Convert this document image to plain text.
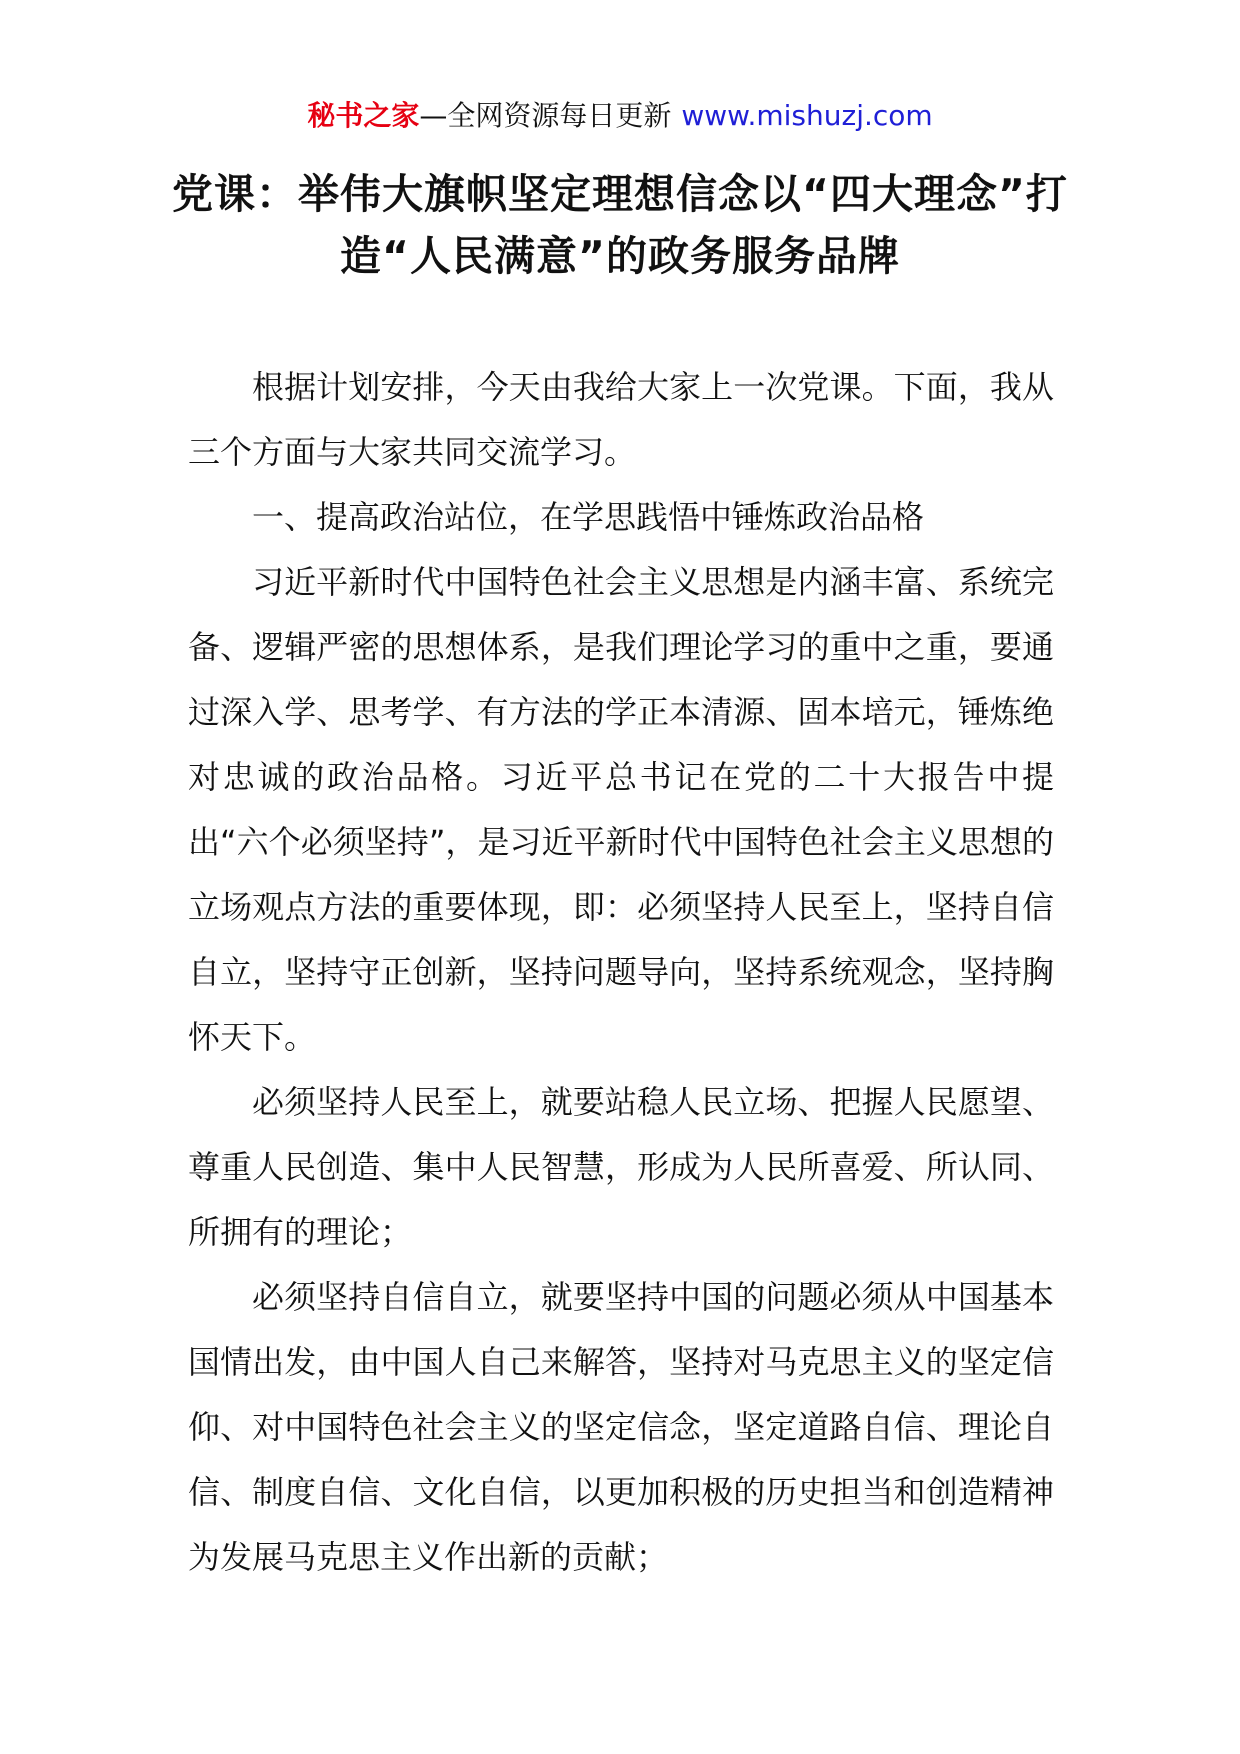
秘书之家—全网资源每日更新 www.mishuzj.com
党课：举伟大旗帜坚定理想信念以“四大理念”打造“人民满意”的政务服务品牌

根据计划安排，今天由我给大家上一次党课。下面，我从三个方面与大家共同交流学习。

一、提高政治站位，在学思践悟中锤炼政治品格

习近平新时代中国特色社会主义思想是内涵丰富、系统完备、逻辑严密的思想体系，是我们理论学习的重中之重，要通过深入学、思考学、有方法的学正本清源、固本培元，锤炼绝对忠诚的政治品格。习近平总书记在党的二十大报告中提出“六个必须坚持”，是习近平新时代中国特色社会主义思想的立场观点方法的重要体现，即：必须坚持人民至上，坚持自信自立，坚持守正创新，坚持问题导向，坚持系统观念，坚持胸怀天下。

必须坚持人民至上，就要站稳人民立场、把握人民愿望、尊重人民创造、集中人民智慧，形成为人民所喜爱、所认同、所拥有的理论；

必须坚持自信自立，就要坚持中国的问题必须从中国基本国情出发，由中国人自己来解答，坚持对马克思主义的坚定信仰、对中国特色社会主义的坚定信念，坚定道路自信、理论自信、制度自信、文化自信，以更加积极的历史担当和创造精神为发展马克思主义作出新的贡献；
